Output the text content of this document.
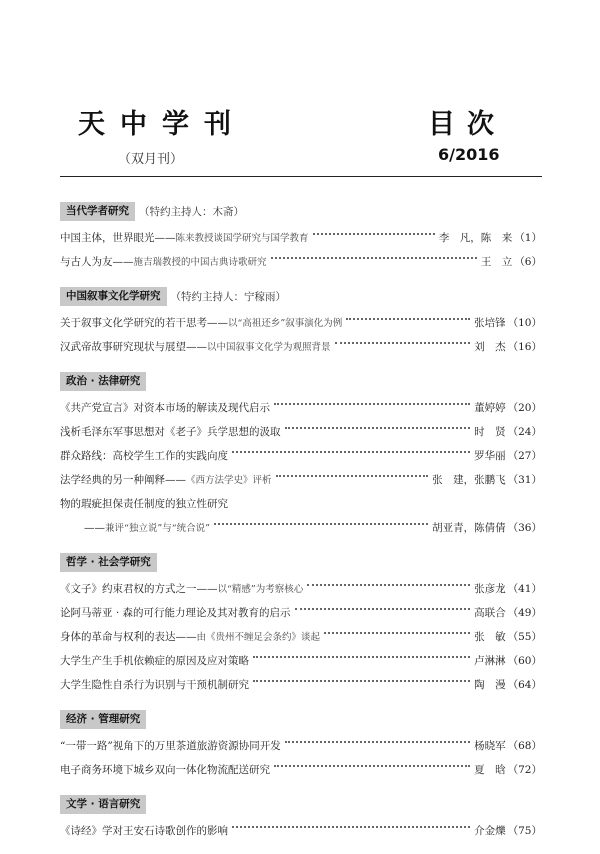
天中学刊	目次
（双月刊）	6/2016
当代学者研究 （特约主持人：木斋）
中国主体，世界眼光——陈来教授谈国学研究与国学教育	李　凡，陈　来 （1）
与古人为友——施吉瑞教授的中国古典诗歌研究	王　立 （6）
中国叙事文化学研究 （特约主持人：宁稼雨）
关于叙事文化学研究的若干思考——以“高祖还乡”叙事演化为例	张培锋 （10）
汉武帝故事研究现状与展望——以中国叙事文化学为观照背景	刘　杰 （16）
政治 · 法律研究
《共产党宣言》对资本市场的解读及现代启示	董婷婷 （20）
浅析毛泽东军事思想对《老子》兵学思想的汲取	时　贤 （24）
群众路线：高校学生工作的实践向度	罗华丽 （27）
法学经典的另一种阐释——《西方法学史》评析	张　建，张鹏飞 （31）
物的瑕疵担保责任制度的独立性研究
——兼评“独立说”与“统合说”	胡亚青，陈倩倩 （36）
哲学 · 社会学研究
《文子》约束君权的方式之一——以“精感”为考察核心	张彦龙 （41）
论阿马蒂亚 · 森的可行能力理论及其对教育的启示	高联合 （49）
身体的革命与权利的表达——由《贵州不缠足会条约》谈起	张　敏 （55）
大学生产生手机依赖症的原因及应对策略	卢淋淋 （60）
大学生隐性自杀行为识别与干预机制研究	陶　漫 （64）
经济 · 管理研究
“一带一路”视角下的万里茶道旅游资源协同开发	杨晓军 （68）
电子商务环境下城乡双向一体化物流配送研究	夏　晗 （72）
文学 · 语言研究
《诗经》学对王安石诗歌创作的影响	介金爍 （75）
